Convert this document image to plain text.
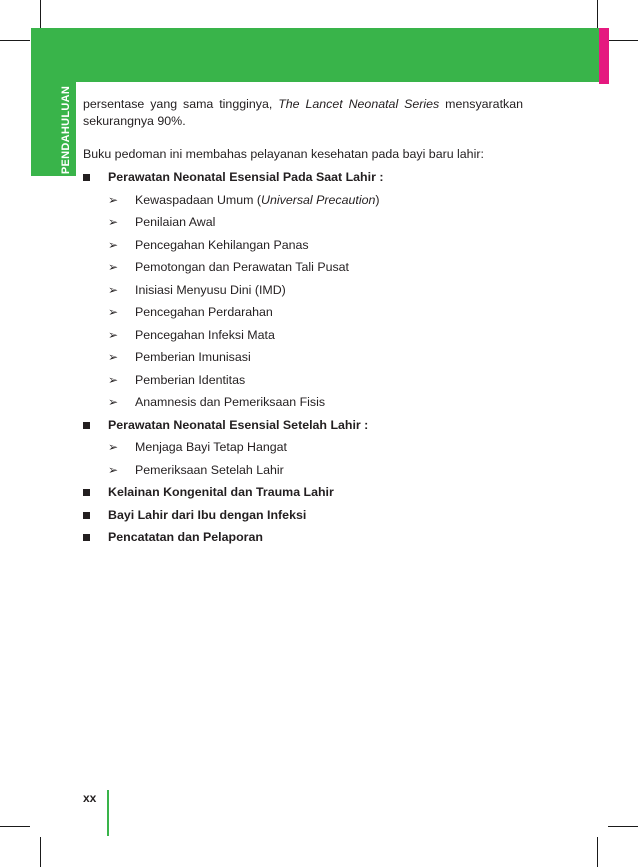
PENDAHULUAN persentase yang sama tingginya, The Lancet Neonatal Series mensyaratkan sekurangnya 90%.

Buku pedoman ini membahas pelayanan kesehatan pada bayi baru lahir:

Perawatan Neonatal Esensial Pada Saat Lahir :
➢ Kewaspadaan Umum (Universal Precaution)
➢ Penilaian Awal
➢ Pencegahan Kehilangan Panas
➢ Pemotongan dan Perawatan Tali Pusat
➢ Inisiasi Menyusu Dini (IMD)
➢ Pencegahan Perdarahan
➢ Pencegahan Infeksi Mata
➢ Pemberian Imunisasi
➢ Pemberian Identitas
➢ Anamnesis dan Pemeriksaan Fisis
Perawatan Neonatal Esensial Setelah Lahir :
➢ Menjaga Bayi Tetap Hangat
➢ Pemeriksaan Setelah Lahir
Kelainan Kongenital dan Trauma Lahir
Bayi Lahir dari Ibu dengan Infeksi
Pencatatan dan Pelaporan
xx
